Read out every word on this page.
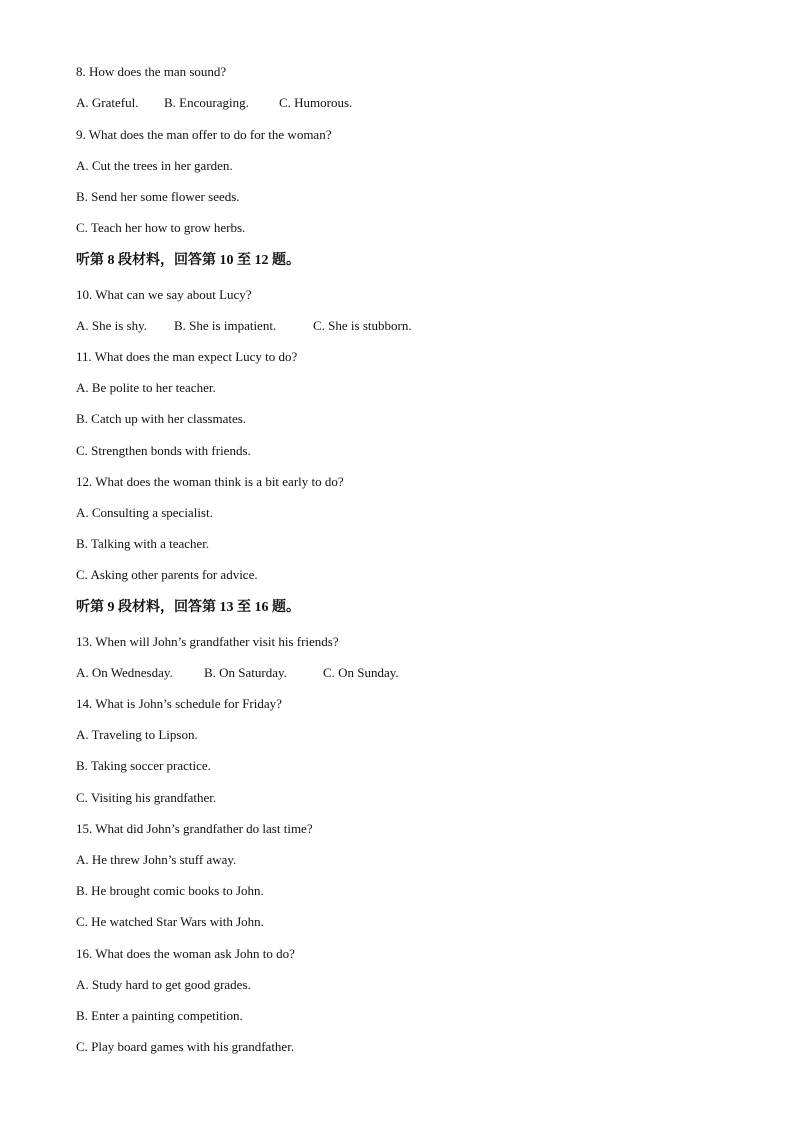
8. How does the man sound?

A. Grateful. B. Encouraging. C. Humorous.

9. What does the man offer to do for the woman?

A. Cut the trees in her garden.

B. Send her some flower seeds.

C. Teach her how to grow herbs.

听第 8 段材料，回答第 10 至 12 题。

10. What can we say about Lucy?

A. She is shy. B. She is impatient.	C. She is stubborn.

11. What does the man expect Lucy to do?

A. Be polite to her teacher.

B. Catch up with her classmates.

C. Strengthen bonds with friends.

12. What does the woman think is a bit early to do?

A. Consulting a specialist.

B. Talking with a teacher.

C. Asking other parents for advice.

听第 9 段材料，回答第 13 至 16 题。

13. When will John’s grandfather visit his friends?

A. On Wednesday. B. On Saturday.	C. On Sunday.

14. What is John’s schedule for Friday?

A. Traveling to Lipson.

B. Taking soccer practice.

C. Visiting his grandfather.

15. What did John’s grandfather do last time?

A. He threw John’s stuff away.

B. He brought comic books to John.

C. He watched Star Wars with John.

16. What does the woman ask John to do?

A. Study hard to get good grades.

B. Enter a painting competition.

C. Play board games with his grandfather.
